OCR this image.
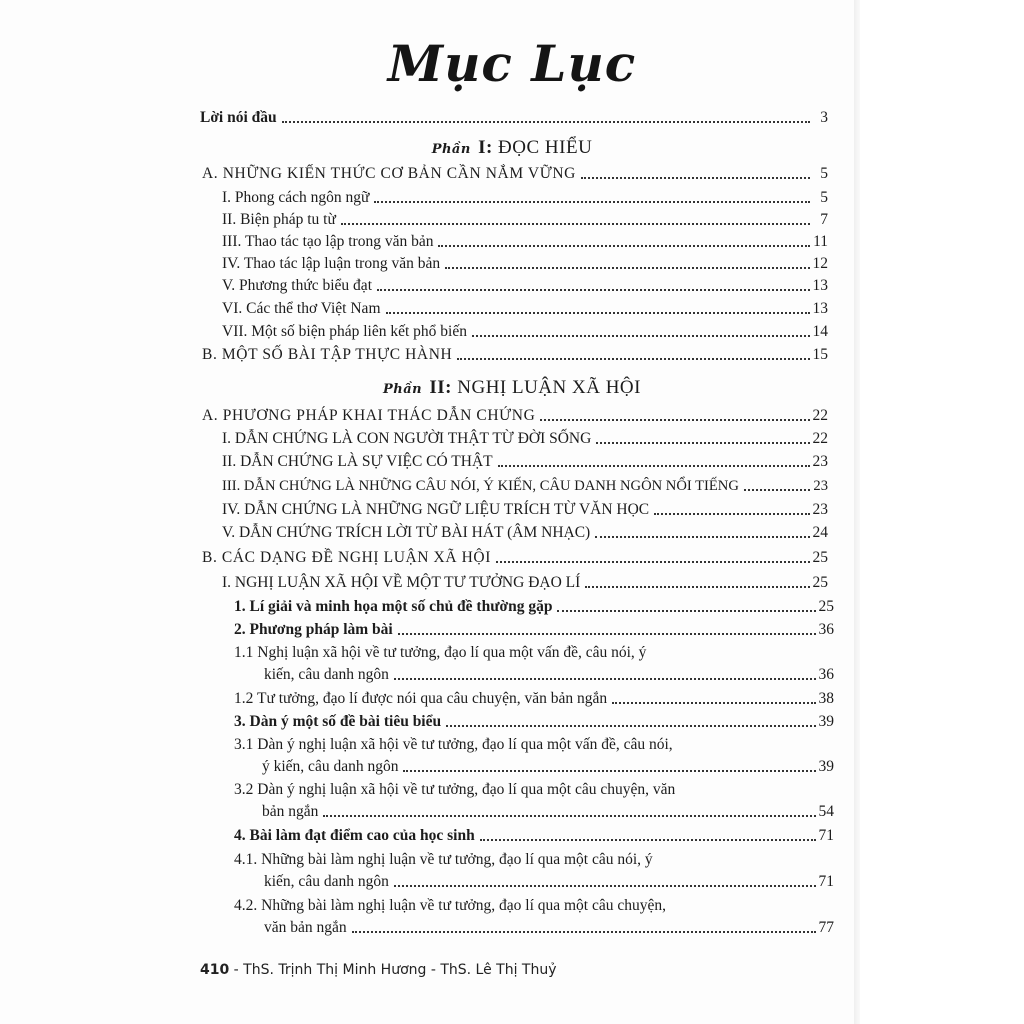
Mục Lục
Lời nói đầu	3
Phần I: ĐỌC HIỂU
A. NHỮNG KIẾN THỨC CƠ BẢN CẦN NẮM VỮNG	5
I. Phong cách ngôn ngữ	5
II. Biện pháp tu từ	7
III. Thao tác tạo lập trong văn bản	11
IV. Thao tác lập luận trong văn bản	12
V. Phương thức biểu đạt	13
VI. Các thể thơ Việt Nam	13
VII. Một số biện pháp liên kết phổ biến	14
B. MỘT SỐ BÀI TẬP THỰC HÀNH	15
Phần II: NGHỊ LUẬN XÃ HỘI
A. PHƯƠNG PHÁP KHAI THÁC DẪN CHỨNG	22
I. DẪN CHỨNG LÀ CON NGƯỜI THẬT TỪ ĐỜI SỐNG	22
II. DẪN CHỨNG LÀ SỰ VIỆC CÓ THẬT	23
III. DẪN CHỨNG LÀ NHỮNG CÂU NÓI, Ý KIẾN, CÂU DANH NGÔN NỔI TIẾNG	23
IV. DẪN CHỨNG LÀ NHỮNG NGỮ LIỆU TRÍCH TỪ VĂN HỌC	23
V. DẪN CHỨNG TRÍCH LỜI TỪ BÀI HÁT (ÂM NHẠC)	24
B. CÁC DẠNG ĐỀ NGHỊ LUẬN XÃ HỘI	25
I. NGHỊ LUẬN XÃ HỘI VỀ MỘT TƯ TƯỞNG ĐẠO LÍ	25
1. Lí giải và minh họa một số chủ đề thường gặp	25
2. Phương pháp làm bài	36
1.1 Nghị luận xã hội về tư tưởng, đạo lí qua một vấn đề, câu nói, ý
kiến, câu danh ngôn	36
1.2 Tư tưởng, đạo lí được nói qua câu chuyện, văn bản ngắn	38
3. Dàn ý một số đề bài tiêu biểu	39
3.1 Dàn ý nghị luận xã hội về tư tưởng, đạo lí qua một vấn đề, câu nói,
ý kiến, câu danh ngôn	39
3.2 Dàn ý nghị luận xã hội về tư tưởng, đạo lí qua một câu chuyện, văn
bản ngắn	54
4. Bài làm đạt điểm cao của học sinh	71
4.1. Những bài làm nghị luận về tư tưởng, đạo lí qua một câu nói, ý
kiến, câu danh ngôn	71
4.2. Những bài làm nghị luận về tư tưởng, đạo lí qua một câu chuyện,
văn bản ngắn	77
410 - ThS. Trịnh Thị Minh Hương - ThS. Lê Thị Thuỷ
